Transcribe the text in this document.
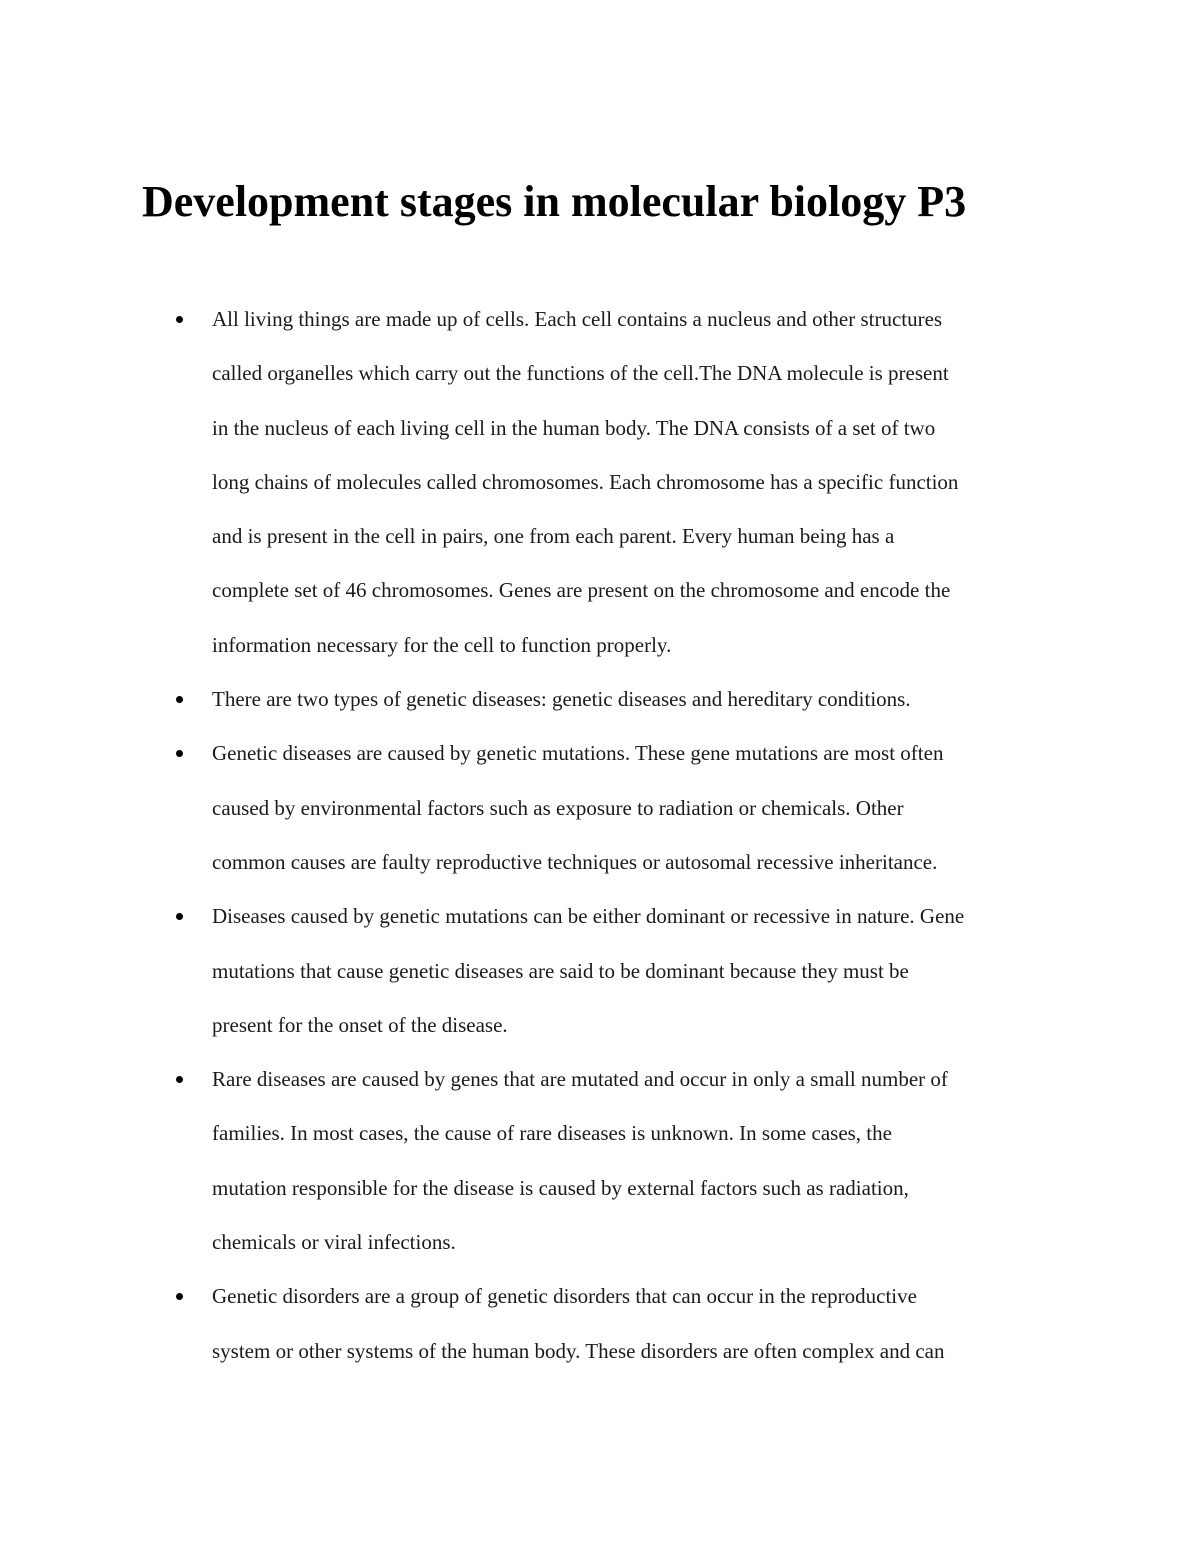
Development stages in molecular biology P3
All living things are made up of cells. Each cell contains a nucleus and other structures
called organelles which carry out the functions of the cell.The DNA molecule is present
in the nucleus of each living cell in the human body. The DNA consists of a set of two
long chains of molecules called chromosomes. Each chromosome has a specific function
and is present in the cell in pairs, one from each parent. Every human being has a
complete set of 46 chromosomes. Genes are present on the chromosome and encode the
information necessary for the cell to function properly.
There are two types of genetic diseases: genetic diseases and hereditary conditions.
Genetic diseases are caused by genetic mutations. These gene mutations are most often
caused by environmental factors such as exposure to radiation or chemicals. Other
common causes are faulty reproductive techniques or autosomal recessive inheritance.
Diseases caused by genetic mutations can be either dominant or recessive in nature. Gene
mutations that cause genetic diseases are said to be dominant because they must be
present for the onset of the disease.
Rare diseases are caused by genes that are mutated and occur in only a small number of
families. In most cases, the cause of rare diseases is unknown. In some cases, the
mutation responsible for the disease is caused by external factors such as radiation,
chemicals or viral infections.
Genetic disorders are a group of genetic disorders that can occur in the reproductive
system or other systems of the human body. These disorders are often complex and can
